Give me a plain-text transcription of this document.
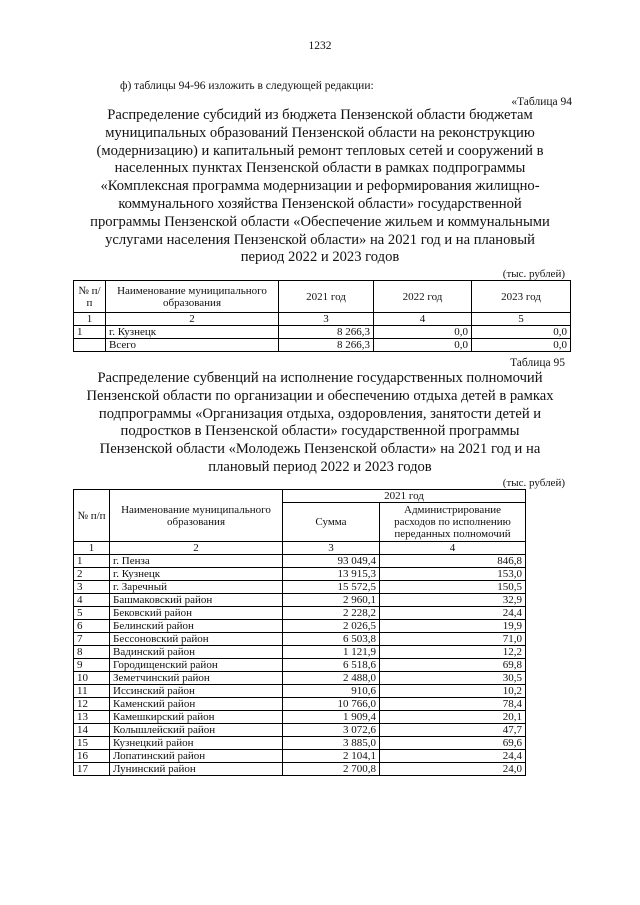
1232
ф) таблицы 94-96 изложить в следующей редакции:
«Таблица 94
Распределение субсидий из бюджета Пензенской области бюджетам
муниципальных образований Пензенской области на реконструкцию
(модернизацию) и капитальный ремонт тепловых сетей и сооружений в
населенных пунктах Пензенской области в рамках подпрограммы
«Комплексная программа модернизации и реформирования жилищно-
коммунального хозяйства Пензенской области» государственной
программы Пензенской области «Обеспечение жильем и коммунальными
услугами населения Пензенской области» на 2021 год и на плановый
период 2022 и 2023 годов
(тыс. рублей)
№ п/п	Наименование муниципального образования	2021 год	2022 год	2023 год
1	2	3	4	5
1	г. Кузнецк	8 266,3	0,0	0,0
	Всего	8 266,3	0,0	0,0
Таблица 95
Распределение субвенций на исполнение государственных полномочий
Пензенской области по организации и обеспечению отдыха детей в рамках
подпрограммы «Организация отдыха, оздоровления, занятости детей и
подростков в Пензенской области» государственной программы
Пензенской области «Молодежь Пензенской области» на 2021 год и на
плановый период 2022 и 2023 годов
(тыс. рублей)
№ п/п	Наименование муниципального образования	2021 год	
		Сумма	Администрирование расходов по исполнению переданных полномочий
1	2	3	4
1	г. Пенза	93 049,4	846,8
2	г. Кузнецк	13 915,3	153,0
3	г. Заречный	15 572,5	150,5
4	Башмаковский район	2 960,1	32,9
5	Бековский район	2 228,2	24,4
6	Белинский район	2 026,5	19,9
7	Бессоновский район	6 503,8	71,0
8	Вадинский район	1 121,9	12,2
9	Городищенский район	6 518,6	69,8
10	Земетчинский район	2 488,0	30,5
11	Иссинский район	910,6	10,2
12	Каменский район	10 766,0	78,4
13	Камешкирский район	1 909,4	20,1
14	Колышлейский район	3 072,6	47,7
15	Кузнецкий район	3 885,0	69,6
16	Лопатинский район	2 104,1	24,4
17	Лунинский район	2 700,8	24,0
